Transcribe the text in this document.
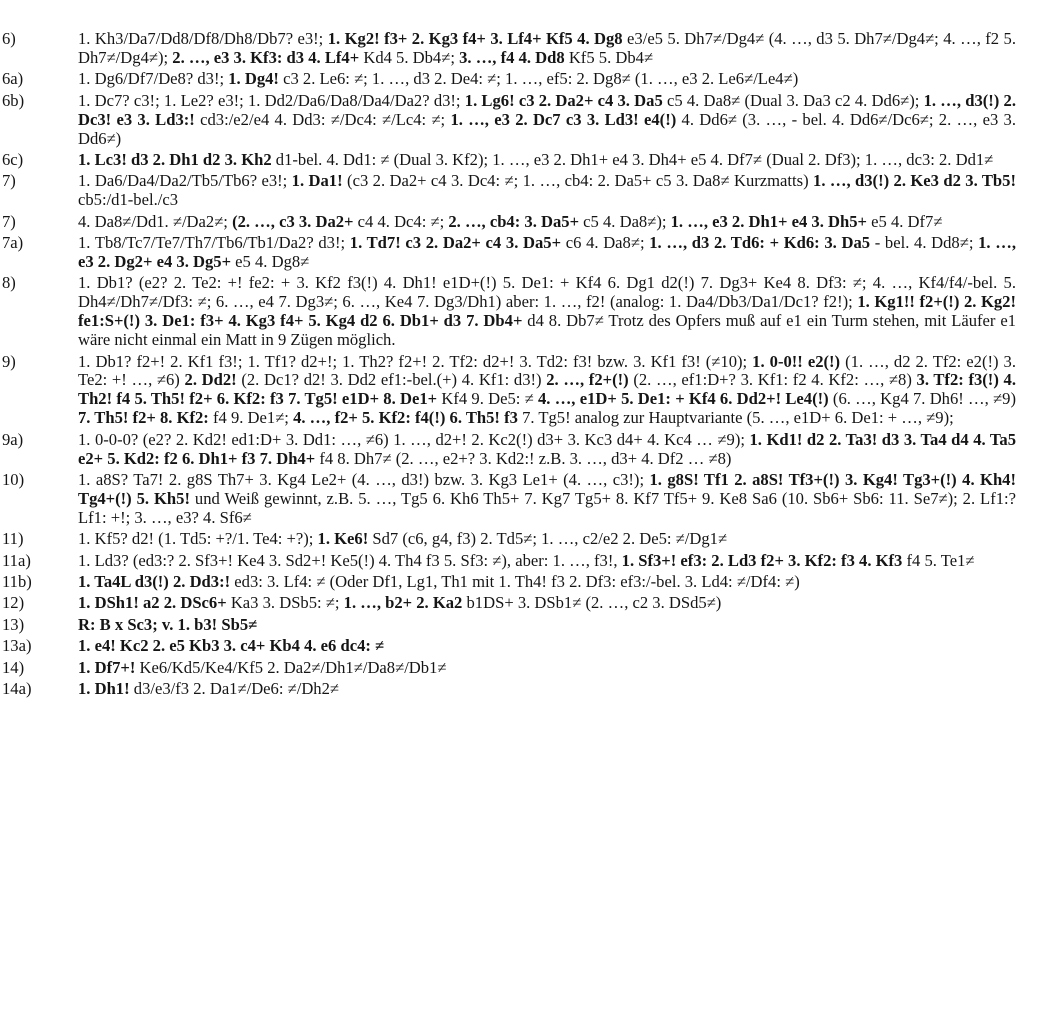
6)	1. Kh3/Da7/Dd8/Df8/Dh8/Db7? e3!; 1. Kg2! f3+ 2. Kg3 f4+ 3. Lf4+ Kf5 4. Dg8 e3/e5 5. Dh7≠/Dg4≠ (4. …, d3 5. Dh7≠/Dg4≠; 4. …, f2 5. Dh7≠/Dg4≠); 2. …, e3 3. Kf3: d3 4. Lf4+ Kd4 5. Db4≠; 3. …, f4 4. Dd8 Kf5 5. Db4≠
6a)	1. Dg6/Df7/De8? d3!; 1. Dg4! c3 2. Le6: ≠; 1. …, d3 2. De4: ≠; 1. …, ef5: 2. Dg8≠ (1. …, e3 2. Le6≠/Le4≠)
6b)	1. Dc7? c3!; 1. Le2? e3!; 1. Dd2/Da6/Da8/Da4/Da2? d3!; 1. Lg6! c3 2. Da2+ c4 3. Da5 c5 4. Da8≠ (Dual 3. Da3 c2 4. Dd6≠); 1. …, d3(!) 2. Dc3! e3 3. Ld3:! cd3:/e2/e4 4. Dd3: ≠/Dc4: ≠/Lc4: ≠; 1. …, e3 2. Dc7 c3 3. Ld3! e4(!) 4. Dd6≠ (3. …, - bel. 4. Dd6≠/Dc6≠; 2. …, e3 3. Dd6≠)
6c)	1. Lc3! d3 2. Dh1 d2 3. Kh2 d1-bel. 4. Dd1: ≠ (Dual 3. Kf2); 1. …, e3 2. Dh1+ e4 3. Dh4+ e5 4. Df7≠ (Dual 2. Df3); 1. …, dc3: 2. Dd1≠
7)	1. Da6/Da4/Da2/Tb5/Tb6? e3!; 1. Da1! (c3 2. Da2+ c4 3. Dc4: ≠; 1. …, cb4: 2. Da5+ c5 3. Da8≠ Kurzmatts) 1. …, d3(!) 2. Ke3 d2 3. Tb5! cb5:/d1-bel./c3
7)	4. Da8≠/Dd1. ≠/Da2≠; (2. …, c3 3. Da2+ c4 4. Dc4: ≠; 2. …, cb4: 3. Da5+ c5 4. Da8≠); 1. …, e3 2. Dh1+ e4 3. Dh5+ e5 4. Df7≠
7a)	1. Tb8/Tc7/Te7/Th7/Tb6/Tb1/Da2? d3!; 1. Td7! c3 2. Da2+ c4 3. Da5+ c6 4. Da8≠; 1. …, d3 2. Td6: + Kd6: 3. Da5 - bel. 4. Dd8≠; 1. …, e3 2. Dg2+ e4 3. Dg5+ e5 4. Dg8≠
8)	1. Db1? (e2? 2. Te2: +! fe2: + 3. Kf2 f3(!) 4. Dh1! e1D+(!) 5. De1: + Kf4 6. Dg1 d2(!) 7. Dg3+ Ke4 8. Df3: ≠; 4. …, Kf4/f4/-bel. 5. Dh4≠/Dh7≠/Df3: ≠; 6. …, e4 7. Dg3≠; 6. …, Ke4 7. Dg3/Dh1) aber: 1. …, f2! (analog: 1. Da4/Db3/Da1/Dc1? f2!); 1. Kg1!! f2+(!) 2. Kg2! fe1:S+(!) 3. De1: f3+ 4. Kg3 f4+ 5. Kg4 d2 6. Db1+ d3 7. Db4+ d4 8. Db7≠ Trotz des Opfers muß auf e1 ein Turm stehen, mit Läufer e1 wäre nicht einmal ein Matt in 9 Zügen möglich.
9)	1. Db1? f2+! 2. Kf1 f3!; 1. Tf1? d2+!; 1. Th2? f2+! 2. Tf2: d2+! 3. Td2: f3! bzw. 3. Kf1 f3! (≠10); 1. 0-0!! e2(!) (1. …, d2 2. Tf2: e2(!) 3. Te2: +! …, ≠6) 2. Dd2! (2. Dc1? d2! 3. Dd2 ef1:-bel.(+) 4. Kf1: d3!) 2. …, f2+(!) (2. …, ef1:D+? 3. Kf1: f2 4. Kf2: …, ≠8) 3. Tf2: f3(!) 4. Th2! f4 5. Th5! f2+ 6. Kf2: f3 7. Tg5! e1D+ 8. De1+ Kf4 9. De5: ≠ 4. …, e1D+ 5. De1: + Kf4 6. Dd2+! Le4(!) (6. …, Kg4 7. Dh6! …, ≠9) 7. Th5! f2+ 8. Kf2: f4 9. De1≠; 4. …, f2+ 5. Kf2: f4(!) 6. Th5! f3 7. Tg5! analog zur Hauptvariante (5. …, e1D+ 6. De1: + …, ≠9);
9a)	1. 0-0-0? (e2? 2. Kd2! ed1:D+ 3. Dd1: …, ≠6) 1. …, d2+! 2. Kc2(!) d3+ 3. Kc3 d4+ 4. Kc4 … ≠9); 1. Kd1! d2 2. Ta3! d3 3. Ta4 d4 4. Ta5 e2+ 5. Kd2: f2 6. Dh1+ f3 7. Dh4+ f4 8. Dh7≠ (2. …, e2+? 3. Kd2:! z.B. 3. …, d3+ 4. Df2 … ≠8)
10)	1. a8S? Ta7! 2. g8S Th7+ 3. Kg4 Le2+ (4. …, d3!) bzw. 3. Kg3 Le1+ (4. …, c3!); 1. g8S! Tf1 2. a8S! Tf3+(!) 3. Kg4! Tg3+(!) 4. Kh4! Tg4+(!) 5. Kh5! und Weiß gewinnt, z.B. 5. …, Tg5 6. Kh6 Th5+ 7. Kg7 Tg5+ 8. Kf7 Tf5+ 9. Ke8 Sa6 (10. Sb6+ Sb6: 11. Se7≠); 2. Lf1:? Lf1: +!; 3. …, e3? 4. Sf6≠
11)	1. Kf5? d2! (1. Td5: +?/1. Te4: +?); 1. Ke6! Sd7 (c6, g4, f3) 2. Td5≠; 1. …, c2/e2 2. De5: ≠/Dg1≠
11a)	1. Ld3? (ed3:? 2. Sf3+! Ke4 3. Sd2+! Ke5(!) 4. Th4 f3 5. Sf3: ≠), aber: 1. …, f3!, 1. Sf3+! ef3: 2. Ld3 f2+ 3. Kf2: f3 4. Kf3 f4 5. Te1≠
11b)	1. Ta4L d3(!) 2. Dd3:! ed3: 3. Lf4: ≠ (Oder Df1, Lg1, Th1 mit 1. Th4! f3 2. Df3: ef3:/-bel. 3. Ld4: ≠/Df4: ≠)
12)	1. DSh1! a2 2. DSc6+ Ka3 3. DSb5: ≠; 1. …, b2+ 2. Ka2 b1DS+ 3. DSb1≠ (2. …, c2 3. DSd5≠)
13)	R: B x Sc3; v. 1. b3! Sb5≠
13a)	1. e4! Kc2 2. e5 Kb3 3. c4+ Kb4 4. e6 dc4: ≠
14)	1. Df7+! Ke6/Kd5/Ke4/Kf5 2. Da2≠/Dh1≠/Da8≠/Db1≠
14a)	1. Dh1! d3/e3/f3 2. Da1≠/De6: ≠/Dh2≠
